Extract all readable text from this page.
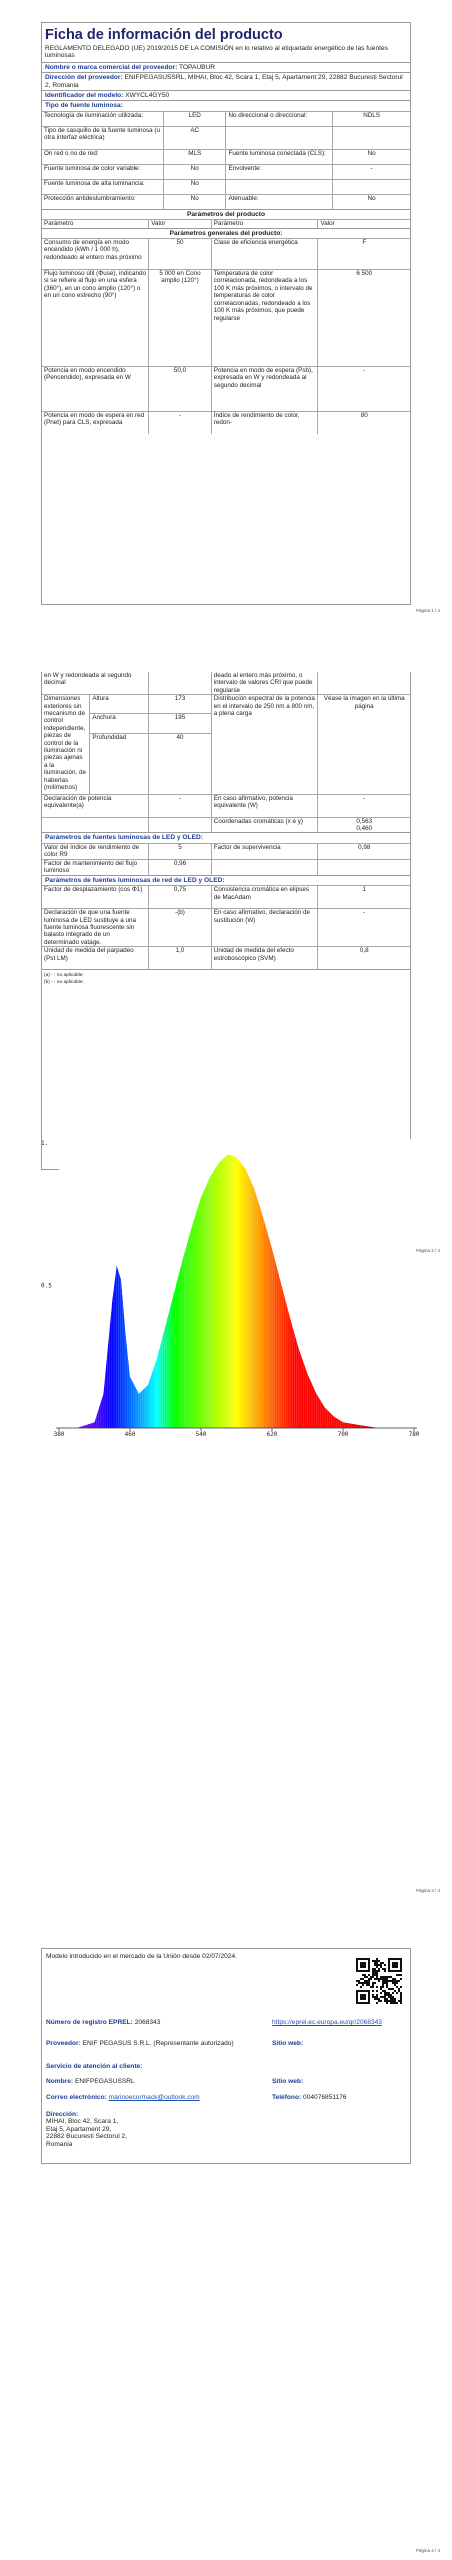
Ficha de información del producto
REGLAMENTO DELEGADO (UE) 2019/2015 DE LA COMISIÓN en lo relativo al etiquetado energético de las fuentes luminosas
Nombre o marca comercial del proveedor: TOPAUBUR
Dirección del proveedor: ENIFPEGASUSSRL, MIHAI, Bloc 42, Scara 1, Etaj 5, Apartament 29, 22882 Bucuresti Sectorul 2, Romania
Identificador del modelo: XWYCL4GY50
Tipo de fuente luminosa:
Tecnología de iluminación utilizada:	LED	No direccional o direccional:	NDLS
Tipo de casquillo de la fuente luminosa (u otra interfaz eléctrica)	AC		
On red o no de red:	MLS	Fuente luminosa conectada (CLS):	No
Fuente luminosa de color variable:	No	Envolvente:	-
Fuente luminosa de alta luminancia:	No		
Protección antideslumbramiento:	No	Atenuable:	No
Parámetros del producto
Parámetro	Valor	Parámetro	Valor
Parámetros generales del producto:
Consumo de energía en modo encendido (kWh / 1 000 h), redondeado al entero más próximo	50	Clase de eficiencia energética	F
Flujo luminoso útil (Φuse), indicando si se refiere al flujo en una esfera (360°), en un cono amplio (120°) o en un cono estrecho (90°)	5 000 en Cono amplio (120°)	Temperatura de color correlacionada, redondeada a los 100 K más próximos, o intervalo de temperaturas de color correlacionadas, redondeado a los 100 K más próximos, que puede regularse	6 500
Potencia en modo encendido (Pencendido), expresada en W	50,0	Potencia en modo de espera (Psb), expresada en W y redondeada al segundo decimal	-
Potencia en modo de espera en red (Pnet) para CLS, expresada	-	Índice de rendimiento de color, redon-	80
Página 1 / 4
en W y redondeada al segundo decimal		deado al entero más próximo, o intervalo de valores CRI que puede regularse	
Dimensiones exteriores sin mecanismo de control independiente, piezas de control de la iluminación ni piezas ajenas a la iluminación, de haberlas (milímetros)	Altura	173	Distribución espectral de la potencia en el intervalo de 250 nm a 800 nm, a plena carga	Véase la imagen en la última página
	Anchura	195		
	Profundidad	40		
Declaración de potencia equivalente(a)	-	En caso afirmativo, potencia equivalente (W)	-
		Coordenadas cromáticas (x e y)	0,563
0,460
Parámetros de fuentes luminosas de LED y OLED:
Valor del índice de rendimiento de color R9	5	Factor de supervivencia	0,98
Factor de mantenimiento del flujo luminoso	0,96		
Parámetros de fuentes luminosas de red de LED y OLED:
Factor de desplazamiento (cos Φ1)	0,75	Consistencia cromática en elipses de MacAdam	1
Declaración de que una fuente luminosa de LED sustituye a una fuente luminosa fluorescente sin balasto integrado de un determinado vatage.	-(b)	En caso afirmativo, declaración de sustitución (W)	-
Unidad de medida del parpadeo (Pst LM)	1,0	Unidad de medida del efecto estroboscópico (SVM)	0,8
(a) - : no aplicable;
(b) - : no aplicable;
Página 2 / 4
380	460	540	620	700	780
1.
0.5
Página 3 / 4
Modelo introducido en el mercado de la Unión desde 02/07/2024.
Número de registro EPREL: 2068343	https://eprel.ec.europa.eu/qr/2068343
Proveedor: ENIF PEGASUS S.R.L. (Representante autorizado)	Sitio web:
Servicio de atención al cliente:
Nombre: ENIFPEGASUSSRL	Sitio web:
Correo electrónico: marinoecormack@outlook.com	Teléfono: 004076851176
Dirección:
MIHAI, Bloc 42, Scara 1,
Etaj 5, Apartament 29,
22882 Bucuresti Sectorul 2,
Romania
Página 4 / 4
